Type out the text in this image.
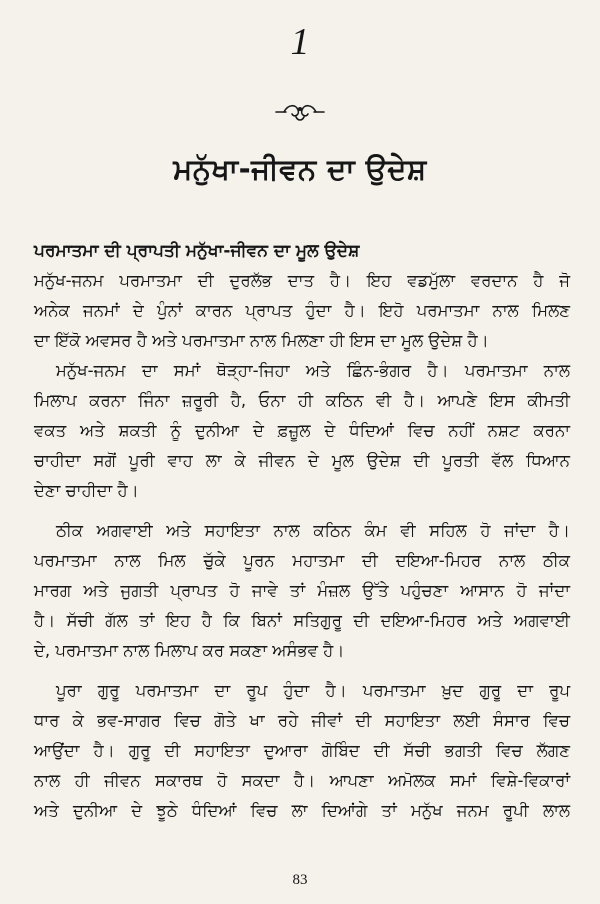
1
ਮਨੁੱਖਾ-ਜੀਵਨ ਦਾ ਉਦੇਸ਼

ਪਰਮਾਤਮਾ ਦੀ ਪ੍ਰਾਪਤੀ ਮਨੁੱਖਾ-ਜੀਵਨ ਦਾ ਮੂਲ ਉਦੇਸ਼

ਮਨੁੱਖ-ਜਨਮ ਪਰਮਾਤਮਾ ਦੀ ਦੁਰਲੱਭ ਦਾਤ ਹੈ। ਇਹ ਵਡਮੁੱਲਾ ਵਰਦਾਨ ਹੈ ਜੋ
ਅਨੇਕ ਜਨਮਾਂ ਦੇ ਪੁੰਨਾਂ ਕਾਰਨ ਪ੍ਰਾਪਤ ਹੁੰਦਾ ਹੈ। ਇਹੋ ਪਰਮਾਤਮਾ ਨਾਲ ਮਿਲਣ
ਦਾ ਇੱਕੋ ਅਵਸਰ ਹੈ ਅਤੇ ਪਰਮਾਤਮਾ ਨਾਲ ਮਿਲਣਾ ਹੀ ਇਸ ਦਾ ਮੂਲ ਉਦੇਸ਼ ਹੈ।

ਮਨੁੱਖ-ਜਨਮ ਦਾ ਸਮਾਂ ਥੋੜ੍ਹਾ-ਜਿਹਾ ਅਤੇ ਛਿੰਨ-ਭੰਗਰ ਹੈ। ਪਰਮਾਤਮਾ ਨਾਲ
ਮਿਲਾਪ ਕਰਨਾ ਜਿੰਨਾ ਜ਼ਰੂਰੀ ਹੈ, ਓਨਾ ਹੀ ਕਠਿਨ ਵੀ ਹੈ। ਆਪਣੇ ਇਸ ਕੀਮਤੀ
ਵਕਤ ਅਤੇ ਸ਼ਕਤੀ ਨੂੰ ਦੁਨੀਆ ਦੇ ਫ਼ਜ਼ੂਲ ਦੇ ਧੰਦਿਆਂ ਵਿਚ ਨਹੀਂ ਨਸ਼ਟ ਕਰਨਾ
ਚਾਹੀਦਾ ਸਗੋਂ ਪੂਰੀ ਵਾਹ ਲਾ ਕੇ ਜੀਵਨ ਦੇ ਮੂਲ ਉਦੇਸ਼ ਦੀ ਪੂਰਤੀ ਵੱਲ ਧਿਆਨ
ਦੇਣਾ ਚਾਹੀਦਾ ਹੈ।

ਠੀਕ ਅਗਵਾਈ ਅਤੇ ਸਹਾਇਤਾ ਨਾਲ ਕਠਿਨ ਕੰਮ ਵੀ ਸਹਿਲ ਹੋ ਜਾਂਦਾ ਹੈ।
ਪਰਮਾਤਮਾ ਨਾਲ ਮਿਲ ਚੁੱਕੇ ਪੂਰਨ ਮਹਾਤਮਾ ਦੀ ਦਇਆ-ਮਿਹਰ ਨਾਲ ਠੀਕ
ਮਾਰਗ ਅਤੇ ਜੁਗਤੀ ਪ੍ਰਾਪਤ ਹੋ ਜਾਵੇ ਤਾਂ ਮੰਜ਼ਲ ਉੱਤੇ ਪਹੁੰਚਣਾ ਆਸਾਨ ਹੋ ਜਾਂਦਾ
ਹੈ। ਸੱਚੀ ਗੱਲ ਤਾਂ ਇਹ ਹੈ ਕਿ ਬਿਨਾਂ ਸਤਿਗੁਰੂ ਦੀ ਦਇਆ-ਮਿਹਰ ਅਤੇ ਅਗਵਾਈ
ਦੇ, ਪਰਮਾਤਮਾ ਨਾਲ ਮਿਲਾਪ ਕਰ ਸਕਣਾ ਅਸੰਭਵ ਹੈ।

ਪੂਰਾ ਗੁਰੂ ਪਰਮਾਤਮਾ ਦਾ ਰੂਪ ਹੁੰਦਾ ਹੈ। ਪਰਮਾਤਮਾ ਖ਼ੁਦ ਗੁਰੂ ਦਾ ਰੂਪ
ਧਾਰ ਕੇ ਭਵ-ਸਾਗਰ ਵਿਚ ਗੋਤੇ ਖਾ ਰਹੇ ਜੀਵਾਂ ਦੀ ਸਹਾਇਤਾ ਲਈ ਸੰਸਾਰ ਵਿਚ
ਆਉਂਦਾ ਹੈ। ਗੁਰੂ ਦੀ ਸਹਾਇਤਾ ਦੁਆਰਾ ਗੋਬਿੰਦ ਦੀ ਸੱਚੀ ਭਗਤੀ ਵਿਚ ਲੱਗਣ
ਨਾਲ ਹੀ ਜੀਵਨ ਸਕਾਰਥ ਹੋ ਸਕਦਾ ਹੈ। ਆਪਣਾ ਅਮੋਲਕ ਸਮਾਂ ਵਿਸ਼ੇ-ਵਿਕਾਰਾਂ
ਅਤੇ ਦੁਨੀਆ ਦੇ ਝੂਠੇ ਧੰਦਿਆਂ ਵਿਚ ਲਾ ਦਿਆਂਗੇ ਤਾਂ ਮਨੁੱਖ ਜਨਮ ਰੂਪੀ ਲਾਲ

83
